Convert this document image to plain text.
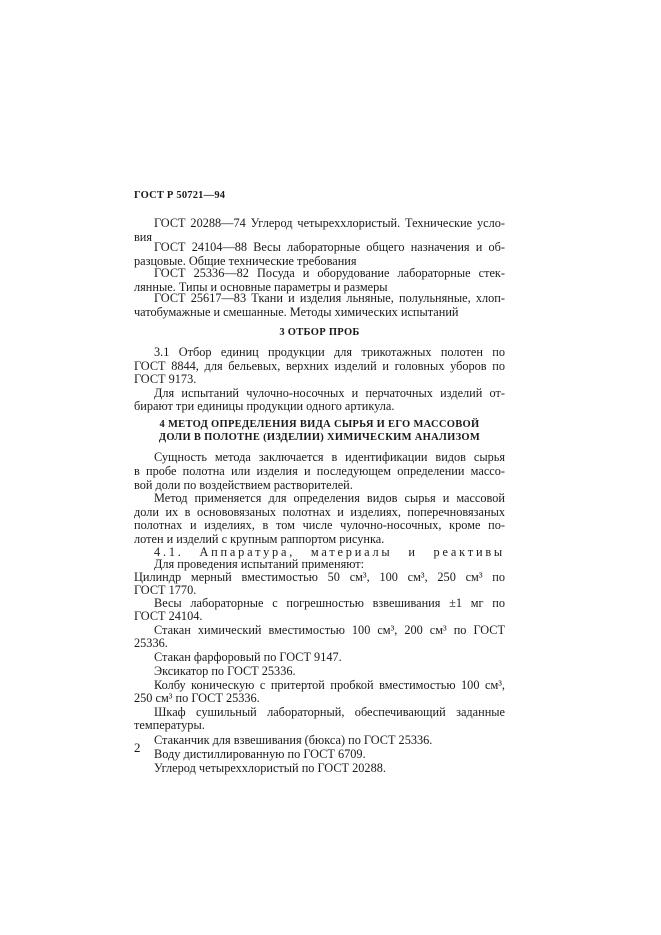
ГОСТ Р 50721—94
ГОСТ 20288—74 Углерод четыреххлористый. Технические усло-
вия
ГОСТ 24104—88 Весы лабораторные общего назначения и об-
разцовые. Общие технические требования
ГОСТ 25336—82 Посуда и оборудование лабораторные стек-
лянные. Типы и основные параметры и размеры
ГОСТ 25617—83 Ткани и изделия льняные, полульняные, хлоп-
чатобумажные и смешанные. Методы химических испытаний
3 ОТБОР ПРОБ
3.1 Отбор единиц продукции для трикотажных полотен по
ГОСТ 8844, для бельевых, верхних изделий и головных уборов по
ГОСТ 9173.
Для испытаний чулочно-носочных и перчаточных изделий от-
бирают три единицы продукции одного артикула.
4 МЕТОД ОПРЕДЕЛЕНИЯ ВИДА СЫРЬЯ И ЕГО МАССОВОЙ
ДОЛИ В ПОЛОТНЕ (ИЗДЕЛИИ) ХИМИЧЕСКИМ АНАЛИЗОМ
Сущность метода заключается в идентификации видов сырья
в пробе полотна или изделия и последующем определении массо-
вой доли по воздействием растворителей.
Метод применяется для определения видов сырья и массовой
доли их в основовязаных полотнах и изделиях, поперечновязаных
полотнах и изделиях, в том числе чулочно-носочных, кроме по-
лотен и изделий с крупным раппортом рисунка.
4.1. Аппаратура, материалы и реактивы
Для проведения испытаний применяют:
Цилиндр мерный вместимостью 50 см³, 100 см³, 250 см³ по
ГОСТ 1770.
Весы лабораторные с погрешностью взвешивания ±1 мг по
ГОСТ 24104.
Стакан химический вместимостью 100 см³, 200 см³ по ГОСТ
25336.
Стакан фарфоровый по ГОСТ 9147.
Эксикатор по ГОСТ 25336.
Колбу коническую с притертой пробкой вместимостью 100 см³,
250 см³ по ГОСТ 25336.
Шкаф сушильный лабораторный, обеспечивающий заданные
температуры.
Стаканчик для взвешивания (бюкса) по ГОСТ 25336.
Воду дистиллированную по ГОСТ 6709.
Углерод четыреххлористый по ГОСТ 20288.
2
